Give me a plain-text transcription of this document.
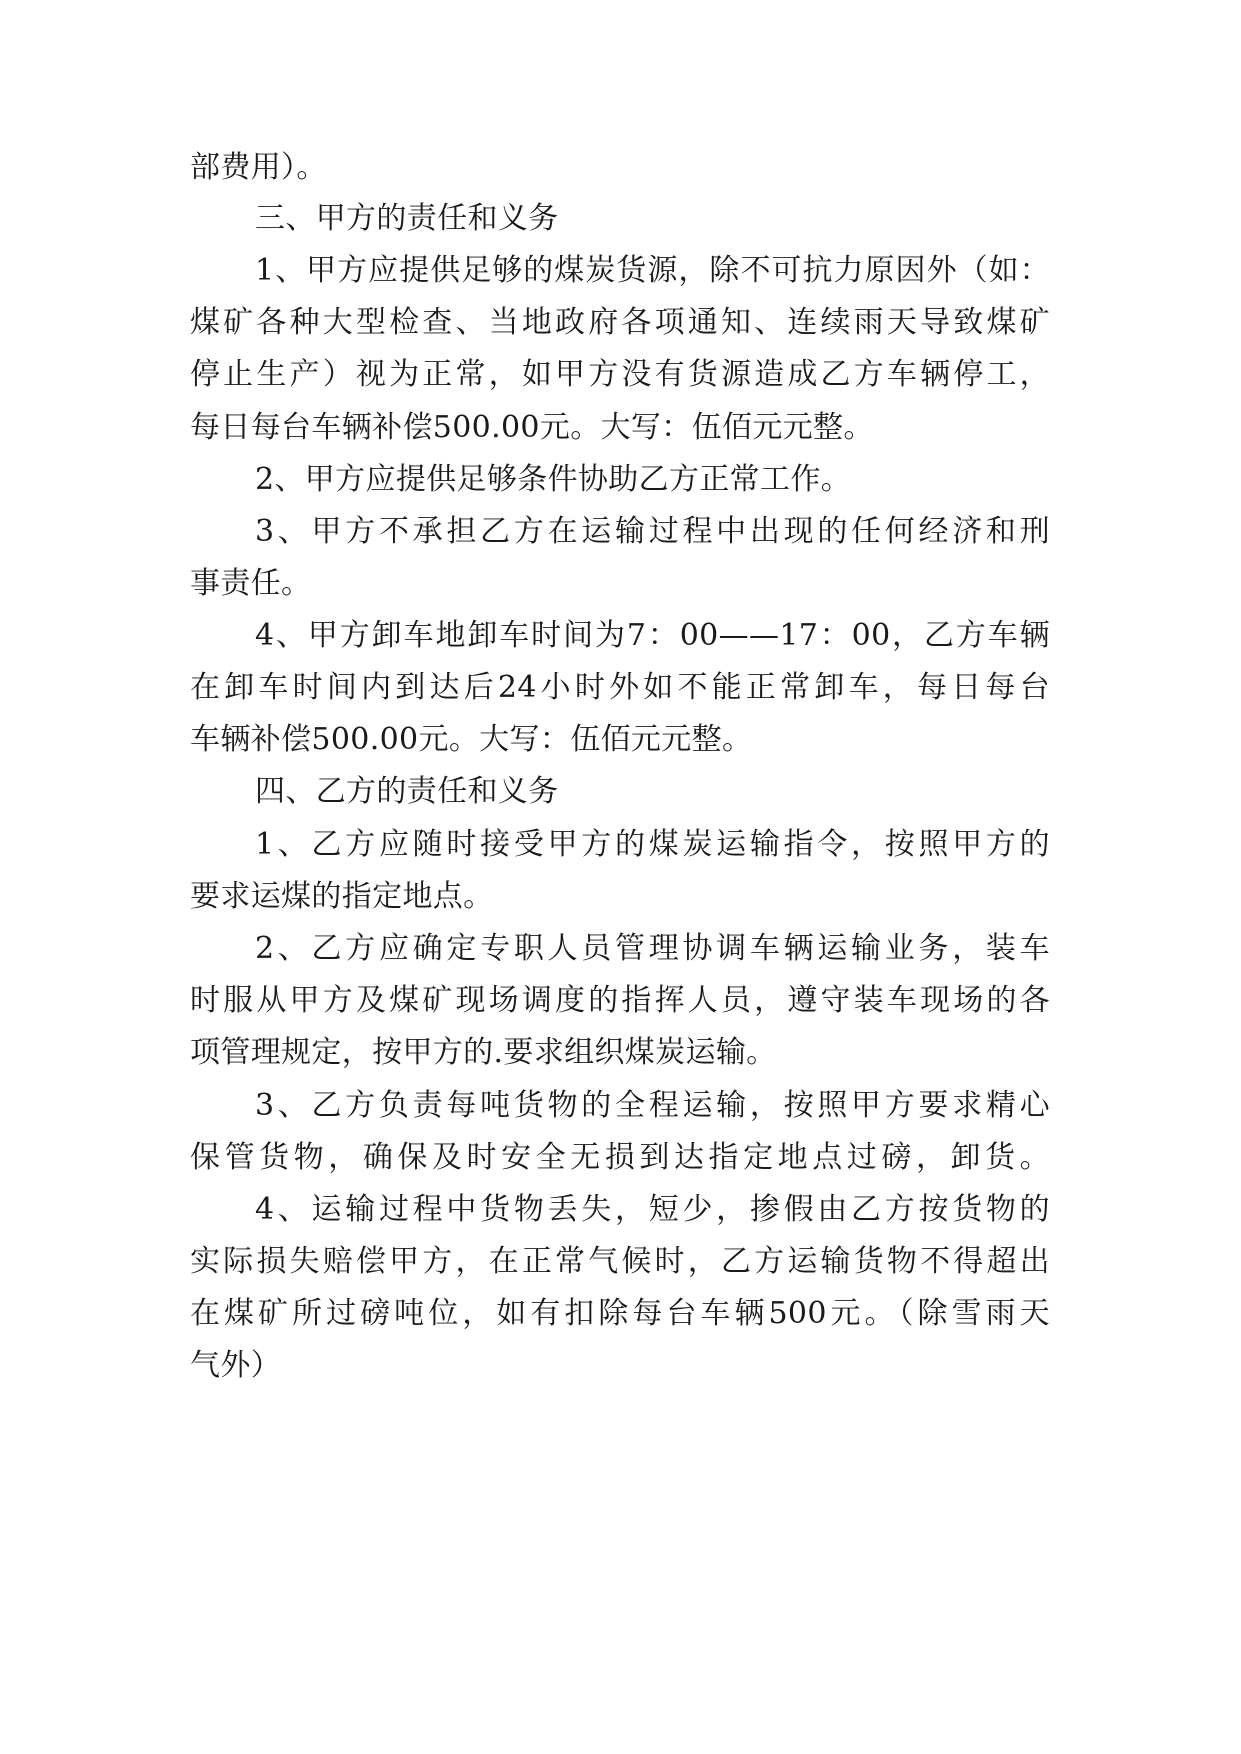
部费用）。
三、甲方的责任和义务
1、甲方应提供足够的煤炭货源，除不可抗力原因外（如：
煤矿各种大型检查、当地政府各项通知、连续雨天导致煤矿
停止生产）视为正常，如甲方没有货源造成乙方车辆停工，
每日每台车辆补偿500.00元。大写：伍佰元元整。
2、甲方应提供足够条件协助乙方正常工作。
3、甲方不承担乙方在运输过程中出现的任何经济和刑
事责任。
4、甲方卸车地卸车时间为7：00——17：00，乙方车辆
在卸车时间内到达后24小时外如不能正常卸车，每日每台
车辆补偿500.00元。大写：伍佰元元整。
四、乙方的责任和义务
1、乙方应随时接受甲方的煤炭运输指令，按照甲方的
要求运煤的指定地点。
2、乙方应确定专职人员管理协调车辆运输业务，装车
时服从甲方及煤矿现场调度的指挥人员，遵守装车现场的各
项管理规定，按甲方的.要求组织煤炭运输。
3、乙方负责每吨货物的全程运输，按照甲方要求精心
保管货物，确保及时安全无损到达指定地点过磅，卸货。
4、运输过程中货物丢失，短少，掺假由乙方按货物的
实际损失赔偿甲方，在正常气候时，乙方运输货物不得超出
在煤矿所过磅吨位，如有扣除每台车辆500元。（除雪雨天
气外）
